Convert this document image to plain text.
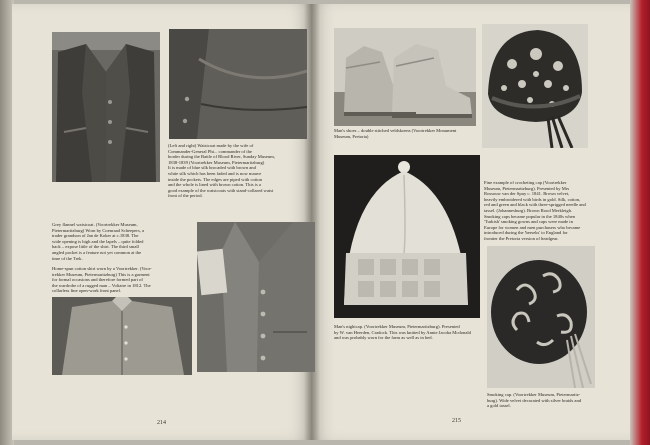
(Left and right) Waistcoat made by the wife of
Commander-General Phi... commander of the
border during the Battle of Blood River, Sunday Museum,
1838-1839 (Voortrekker Museum, Pietermaritzburg)
It is made of blue silk brocaded with brown and
white silk which has been faded and is now mauve
inside the pockets. The edges are piped with cotton
and the whole is lined with brown cotton. This is a
good example of the waistcoats with stand-collared waist
front of the period.
Grey flannel waistcoat. (Voortrekker Museum,
Pietermaritzburg) Worn by Coenraad Scheepers, a
trader grandson of Jan de Koker at c.1838. The
wide opening is high and the lapels – quite folded
back – expose little of the shirt. The third small
angled pocket is a feature not yet common at the
time of the Trek.
Home-spun cotton shirt worn by a Voortrekker. (Voor-
trekker Museum, Pietermaritzburg) This is a garment
for formal occasions and therefore formed part of
the wardrobe of a rugged man – Voltaire in 1812. The
collarless fine open-work front panel.
214
Man's shoes – double stitched veldskoens (Voortrekker Monument
Museum, Pretoria)
Man's nightcap. (Voortrekker Museum, Pietermaritzburg). Presented
by W. van Heerden, Cradock. This was knitted by Annie Jacoba Mcdonald
and was probably worn for the farm as well as in bed.
Fine example of crocheting cap (Voortrekker
Museum, Pietermaritzburg). Presented by Mrs
Rossouw van der Spuy c. 1841. Brown velvet,
heavily embroidered with birds in gold. Silk, cotton,
red and green and black with three-sprigged needle and
tassel. (Johannesburg). Brown Rood Merkleigh.
Smoking caps became popular in the 1840s when
'Turkish' smoking gowns and caps were made in
Europe for women and men purchasers who became
introduced during the 'berseks' to England for
frontier the Pretoria version of headgear.
Smoking cap. (Voortrekker Museum, Pietermaritz-
burg). Wide velvet decorated with silver braids and
a gold tassel.
215
